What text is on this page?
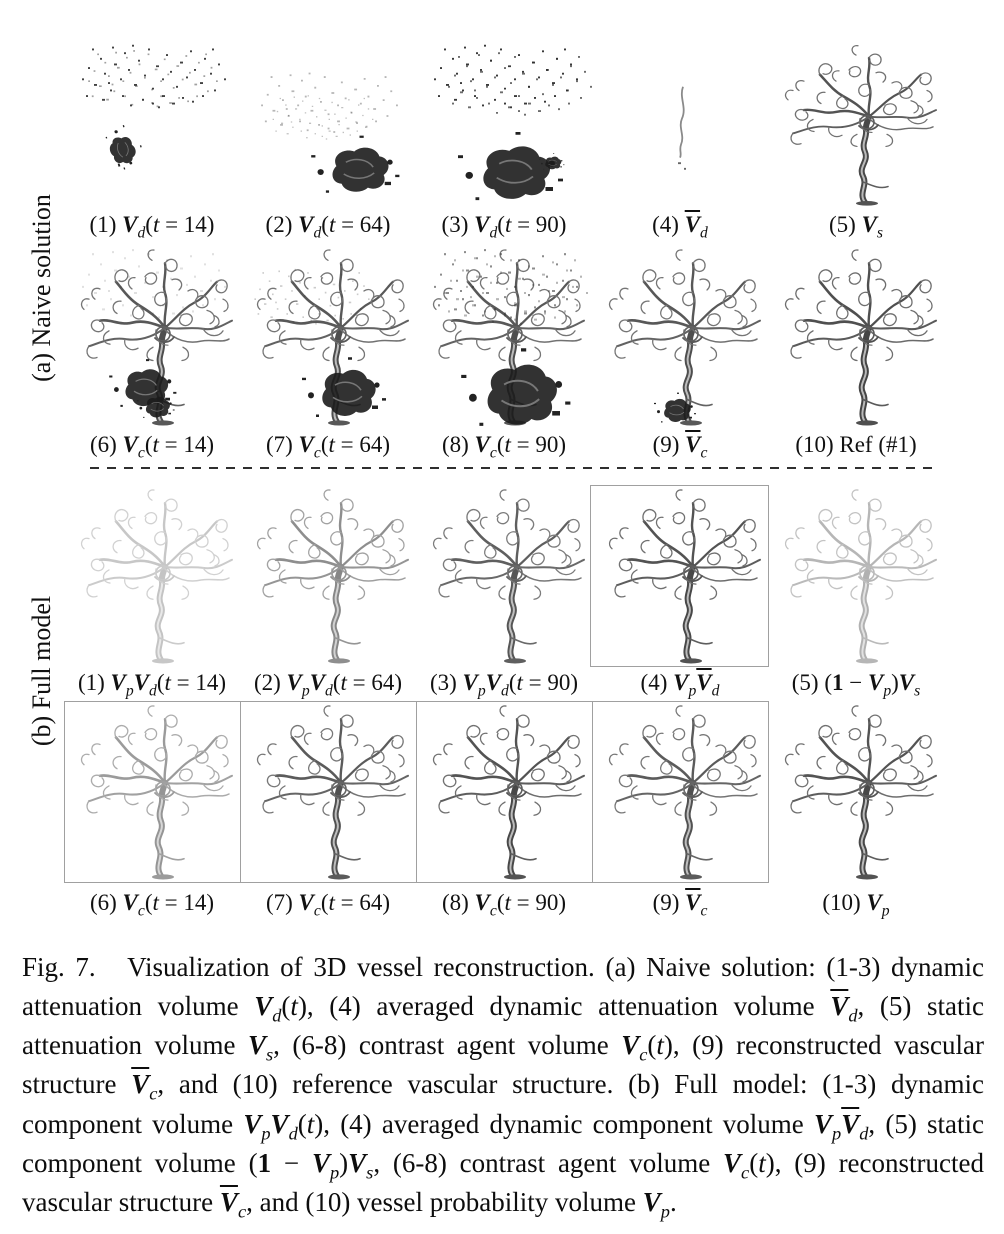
(a) Naive solution	(1) $V_d(t = 14)$	(2) $V_d(t = 64)$	(3) $V_d(t = 90)$	(4) $\overline{V}_d$	(5) $V_s$
(6) $V_c(t = 14)$	(7) $V_c(t = 64)$	(8) $V_c(t = 90)$	(9) $\overline{V}_c$	(10) Ref (#1)
(b) Full model (1) $V_pV_d(t = 14)$	(2) $V_pV_d(t = 64)$	(3) $V_pV_d(t = 90)$	(4) $V_p\overline{V}_d$	(5) $(1 - V_p)V_s$
(6) $V_c(t = 14)$	(7) $V_c(t = 64)$	(8) $V_c(t = 90)$	(9) $\overline{V}_c$	(10) $V_p$
Fig. 7.   Visualization of 3D vessel reconstruction. (a) Naive solution: (1-3) dynamic attenuation volume $V_d(t)$, (4) averaged dynamic attenuation volume $\overline{V}_d$, (5) static attenuation volume $V_s$, (6-8) contrast agent volume $V_c(t)$, (9) reconstructed vascular structure $\overline{V}_c$, and (10) reference vascular structure. (b) Full model: (1-3) dynamic component volume $V_pV_d(t)$, (4) averaged dynamic component volume $V_p\overline{V}_d$, (5) static component volume $(1 - V_p)V_s$, (6-8) contrast agent volume $V_c(t)$, (9) reconstructed vascular structure $\overline{V}_c$, and (10) vessel probability volume $V_p$.
